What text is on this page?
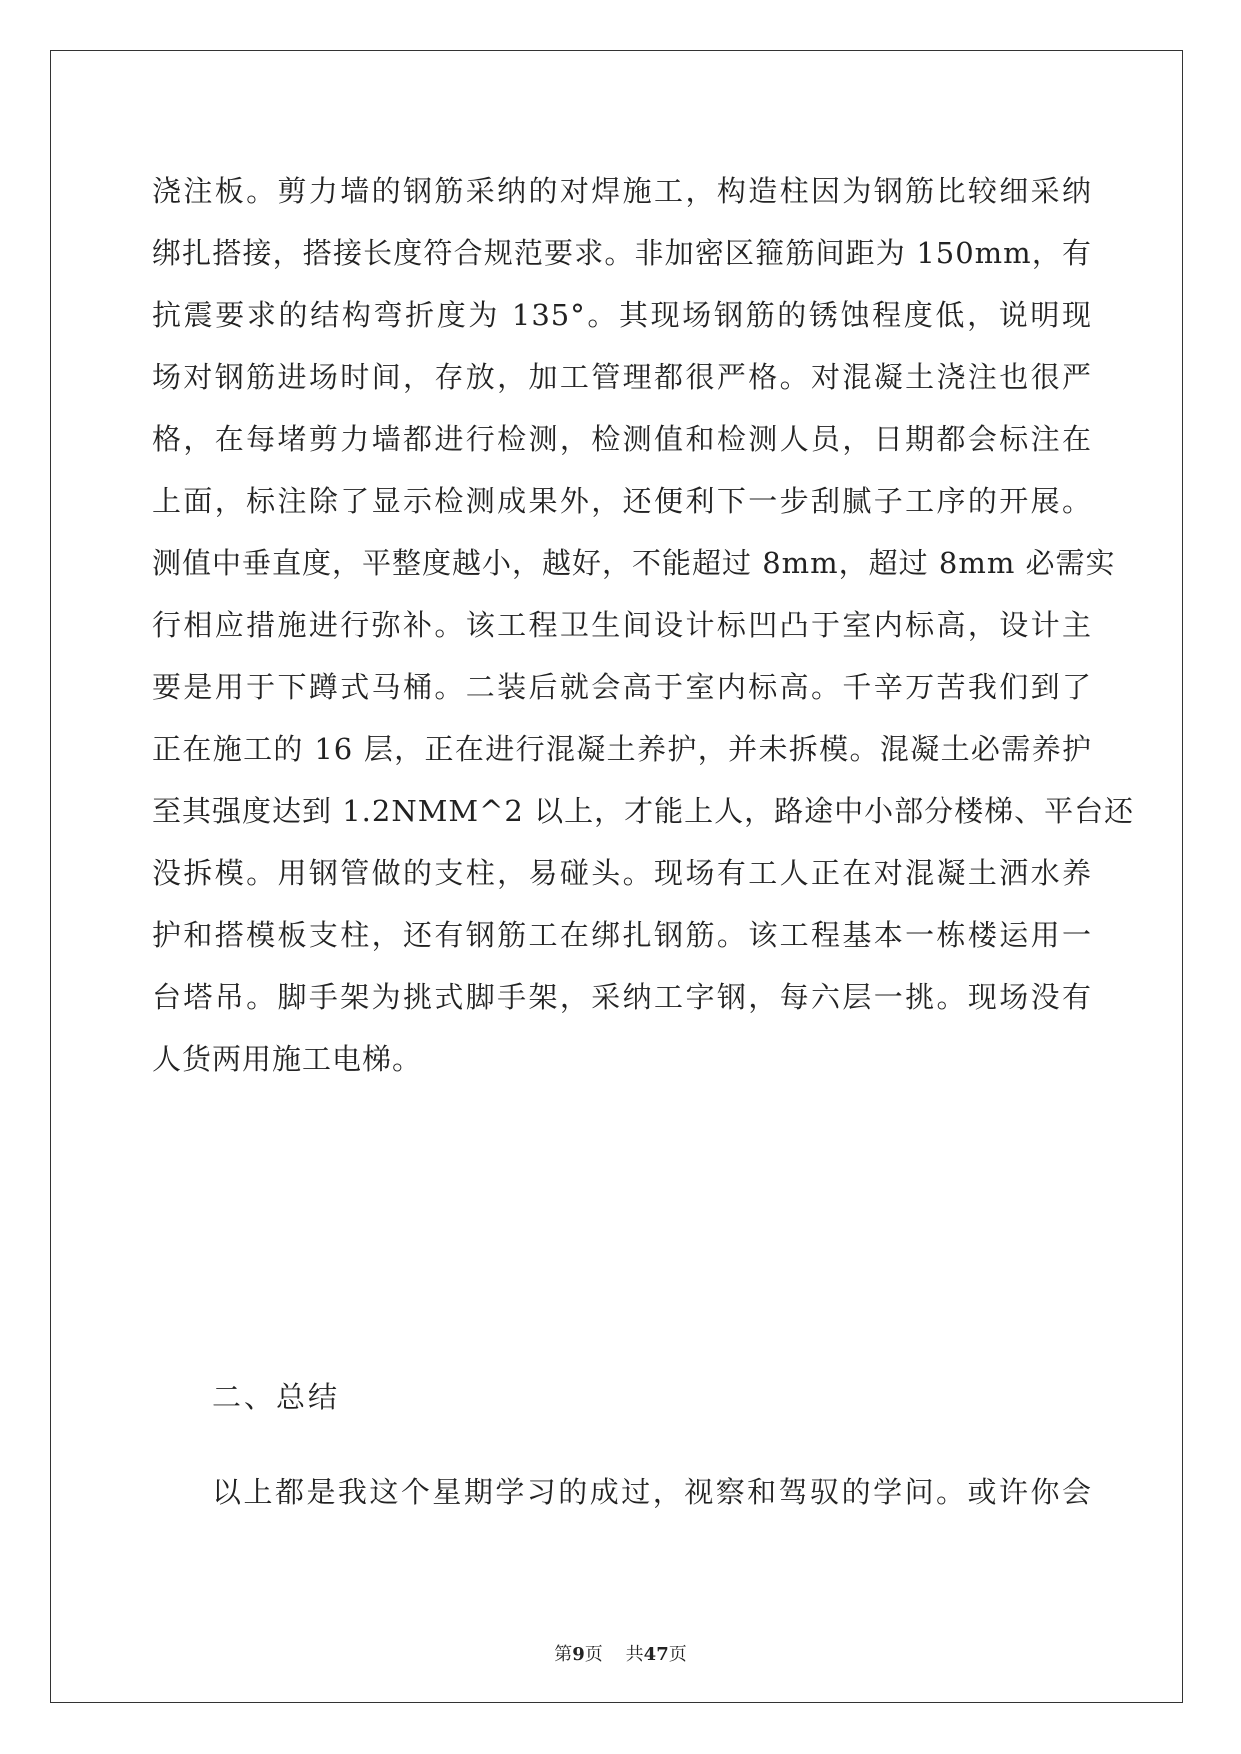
浇注板。剪力墙的钢筋采纳的对焊施工，构造柱因为钢筋比较细采纳
绑扎搭接，搭接长度符合规范要求。非加密区箍筋间距为 150mm，有
抗震要求的结构弯折度为 135°。其现场钢筋的锈蚀程度低，说明现
场对钢筋进场时间，存放，加工管理都很严格。对混凝土浇注也很严
格，在每堵剪力墙都进行检测，检测值和检测人员，日期都会标注在
上面，标注除了显示检测成果外，还便利下一步刮腻子工序的开展。
测值中垂直度，平整度越小，越好，不能超过 8mm，超过 8mm 必需实
行相应措施进行弥补。该工程卫生间设计标凹凸于室内标高，设计主
要是用于下蹲式马桶。二装后就会高于室内标高。千辛万苦我们到了
正在施工的 16 层，正在进行混凝土养护，并未拆模。混凝土必需养护
至其强度达到 1.2NMM^2 以上，才能上人，路途中小部分楼梯、平台还
没拆模。用钢管做的支柱，易碰头。现场有工人正在对混凝土洒水养
护和搭模板支柱，还有钢筋工在绑扎钢筋。该工程基本一栋楼运用一
台塔吊。脚手架为挑式脚手架，采纳工字钢，每六层一挑。现场没有
人货两用施工电梯。
二、总结
以上都是我这个星期学习的成过，视察和驾驭的学问。或许你会
第9页 共47页
